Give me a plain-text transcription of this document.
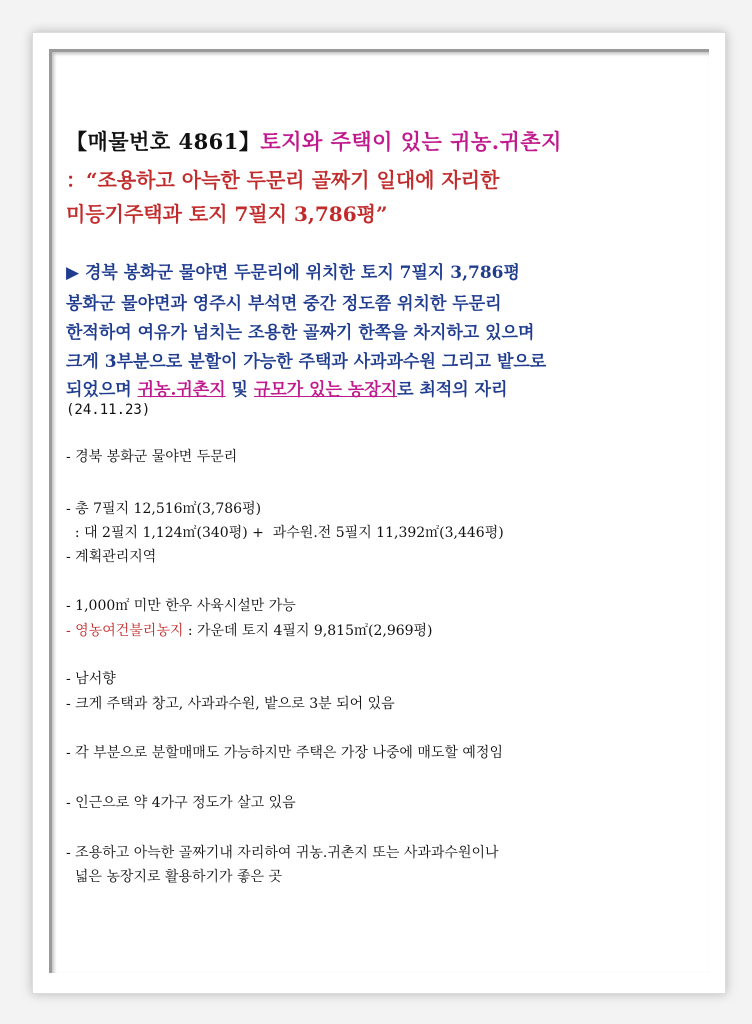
【매물번호 4861】토지와 주택이 있는 귀농.귀촌지
：“조용하고 아늑한 두문리 골짜기 일대에 자리한
미등기주택과 토지 7필지 3,786평”
▶ 경북 봉화군 물야면 두문리에 위치한 토지 7필지 3,786평
봉화군 물야면과 영주시 부석면 중간 정도쯤 위치한 두문리
한적하여 여유가 넘치는 조용한 골짜기 한쪽을 차지하고 있으며
크게 3부분으로 분할이 가능한 주택과 사과과수원 그리고 밭으로
되었으며 귀농.귀촌지 및 규모가 있는 농장지로 최적의 자리
(24.11.23)
- 경북 봉화군 물야면 두문리
- 총 7필지 12,516㎡(3,786평)
: 대 2필지 1,124㎡(340평) +  과수원.전 5필지 11,392㎡(3,446평)
- 계획관리지역
- 1,000㎡ 미만 한우 사육시설만 가능
- 영농여건불리농지 : 가운데 토지 4필지 9,815㎡(2,969평)
- 남서향
- 크게 주택과 창고, 사과과수원, 밭으로 3분 되어 있음
- 각 부분으로 분할매매도 가능하지만 주택은 가장 나중에 매도할 예정임
- 인근으로 약 4가구 정도가 살고 있음
- 조용하고 아늑한 골짜기내 자리하여 귀농.귀촌지 또는 사과과수원이나
넓은 농장지로 활용하기가 좋은 곳
